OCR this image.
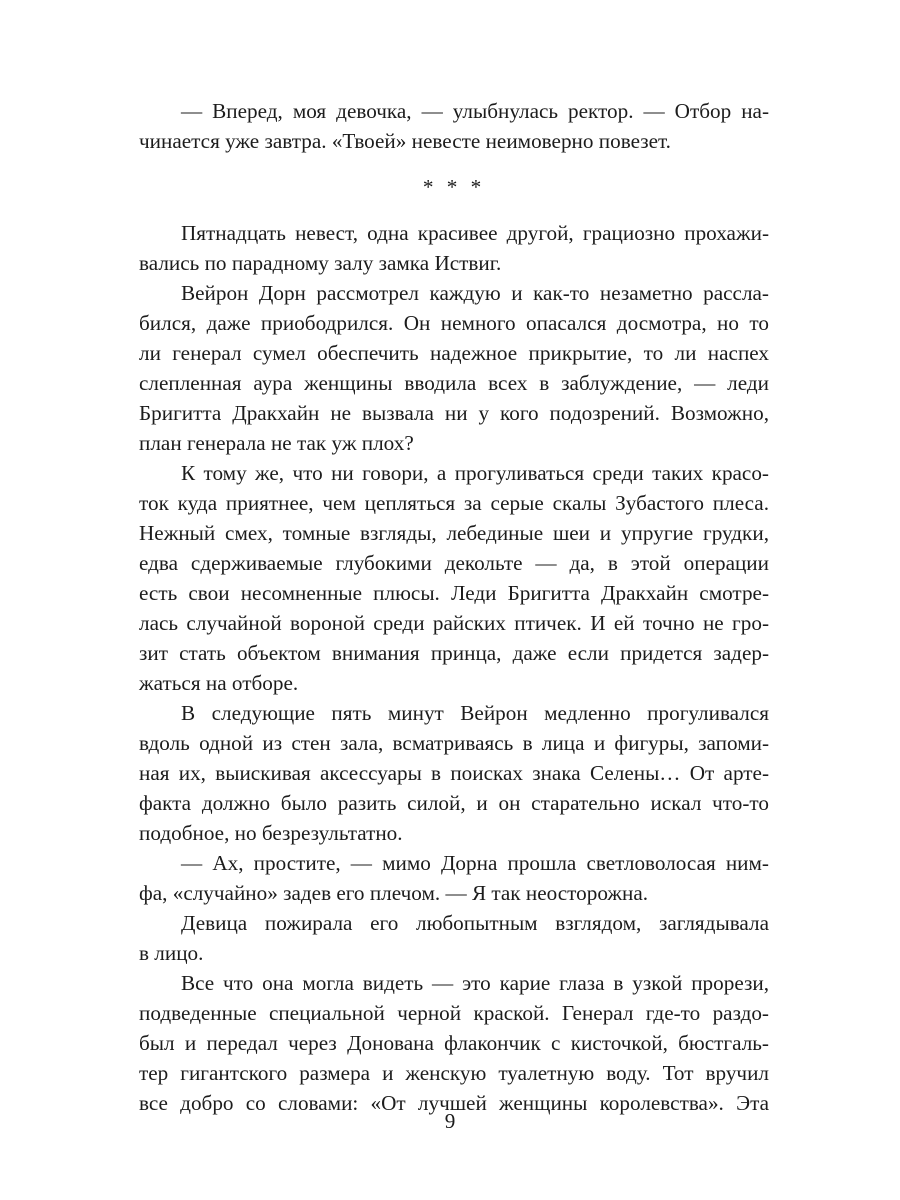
— Вперед, моя девочка, — улыбнулась ректор. — Отбор на-
чинается уже завтра. «Твоей» невесте неимоверно повезет.
* * *
Пятнадцать невест, одна красивее другой, грациозно прохажи-
вались по парадному залу замка Иствиг.
Вейрон Дорн рассмотрел каждую и как-то незаметно рассла-
бился, даже приободрился. Он немного опасался досмотра, но то
ли генерал сумел обеспечить надежное прикрытие, то ли наспех
слепленная аура женщины вводила всех в заблуждение, — леди
Бригитта Дракхайн не вызвала ни у кого подозрений. Возможно,
план генерала не так уж плох?
К тому же, что ни говори, а прогуливаться среди таких красо-
ток куда приятнее, чем цепляться за серые скалы Зубастого плеса.
Нежный смех, томные взгляды, лебединые шеи и упругие грудки,
едва сдерживаемые глубокими декольте — да, в этой операции
есть свои несомненные плюсы. Леди Бригитта Дракхайн смотре-
лась случайной вороной среди райских птичек. И ей точно не гро-
зит стать объектом внимания принца, даже если придется задер-
жаться на отборе.
В следующие пять минут Вейрон медленно прогуливался
вдоль одной из стен зала, всматриваясь в лица и фигуры, запоми-
ная их, выискивая аксессуары в поисках знака Селены… От арте-
факта должно было разить силой, и он старательно искал что-то
подобное, но безрезультатно.
— Ах, простите, — мимо Дорна прошла светловолосая ним-
фа, «случайно» задев его плечом. — Я так неосторожна.
Девица пожирала его любопытным взглядом, заглядывала
в лицо.
Все что она могла видеть — это карие глаза в узкой прорези,
подведенные специальной черной краской. Генерал где-то раздо-
был и передал через Донована флакончик с кисточкой, бюстгаль-
тер гигантского размера и женскую туалетную воду. Тот вручил
все добро со словами: «От лучшей женщины королевства». Эта
9
